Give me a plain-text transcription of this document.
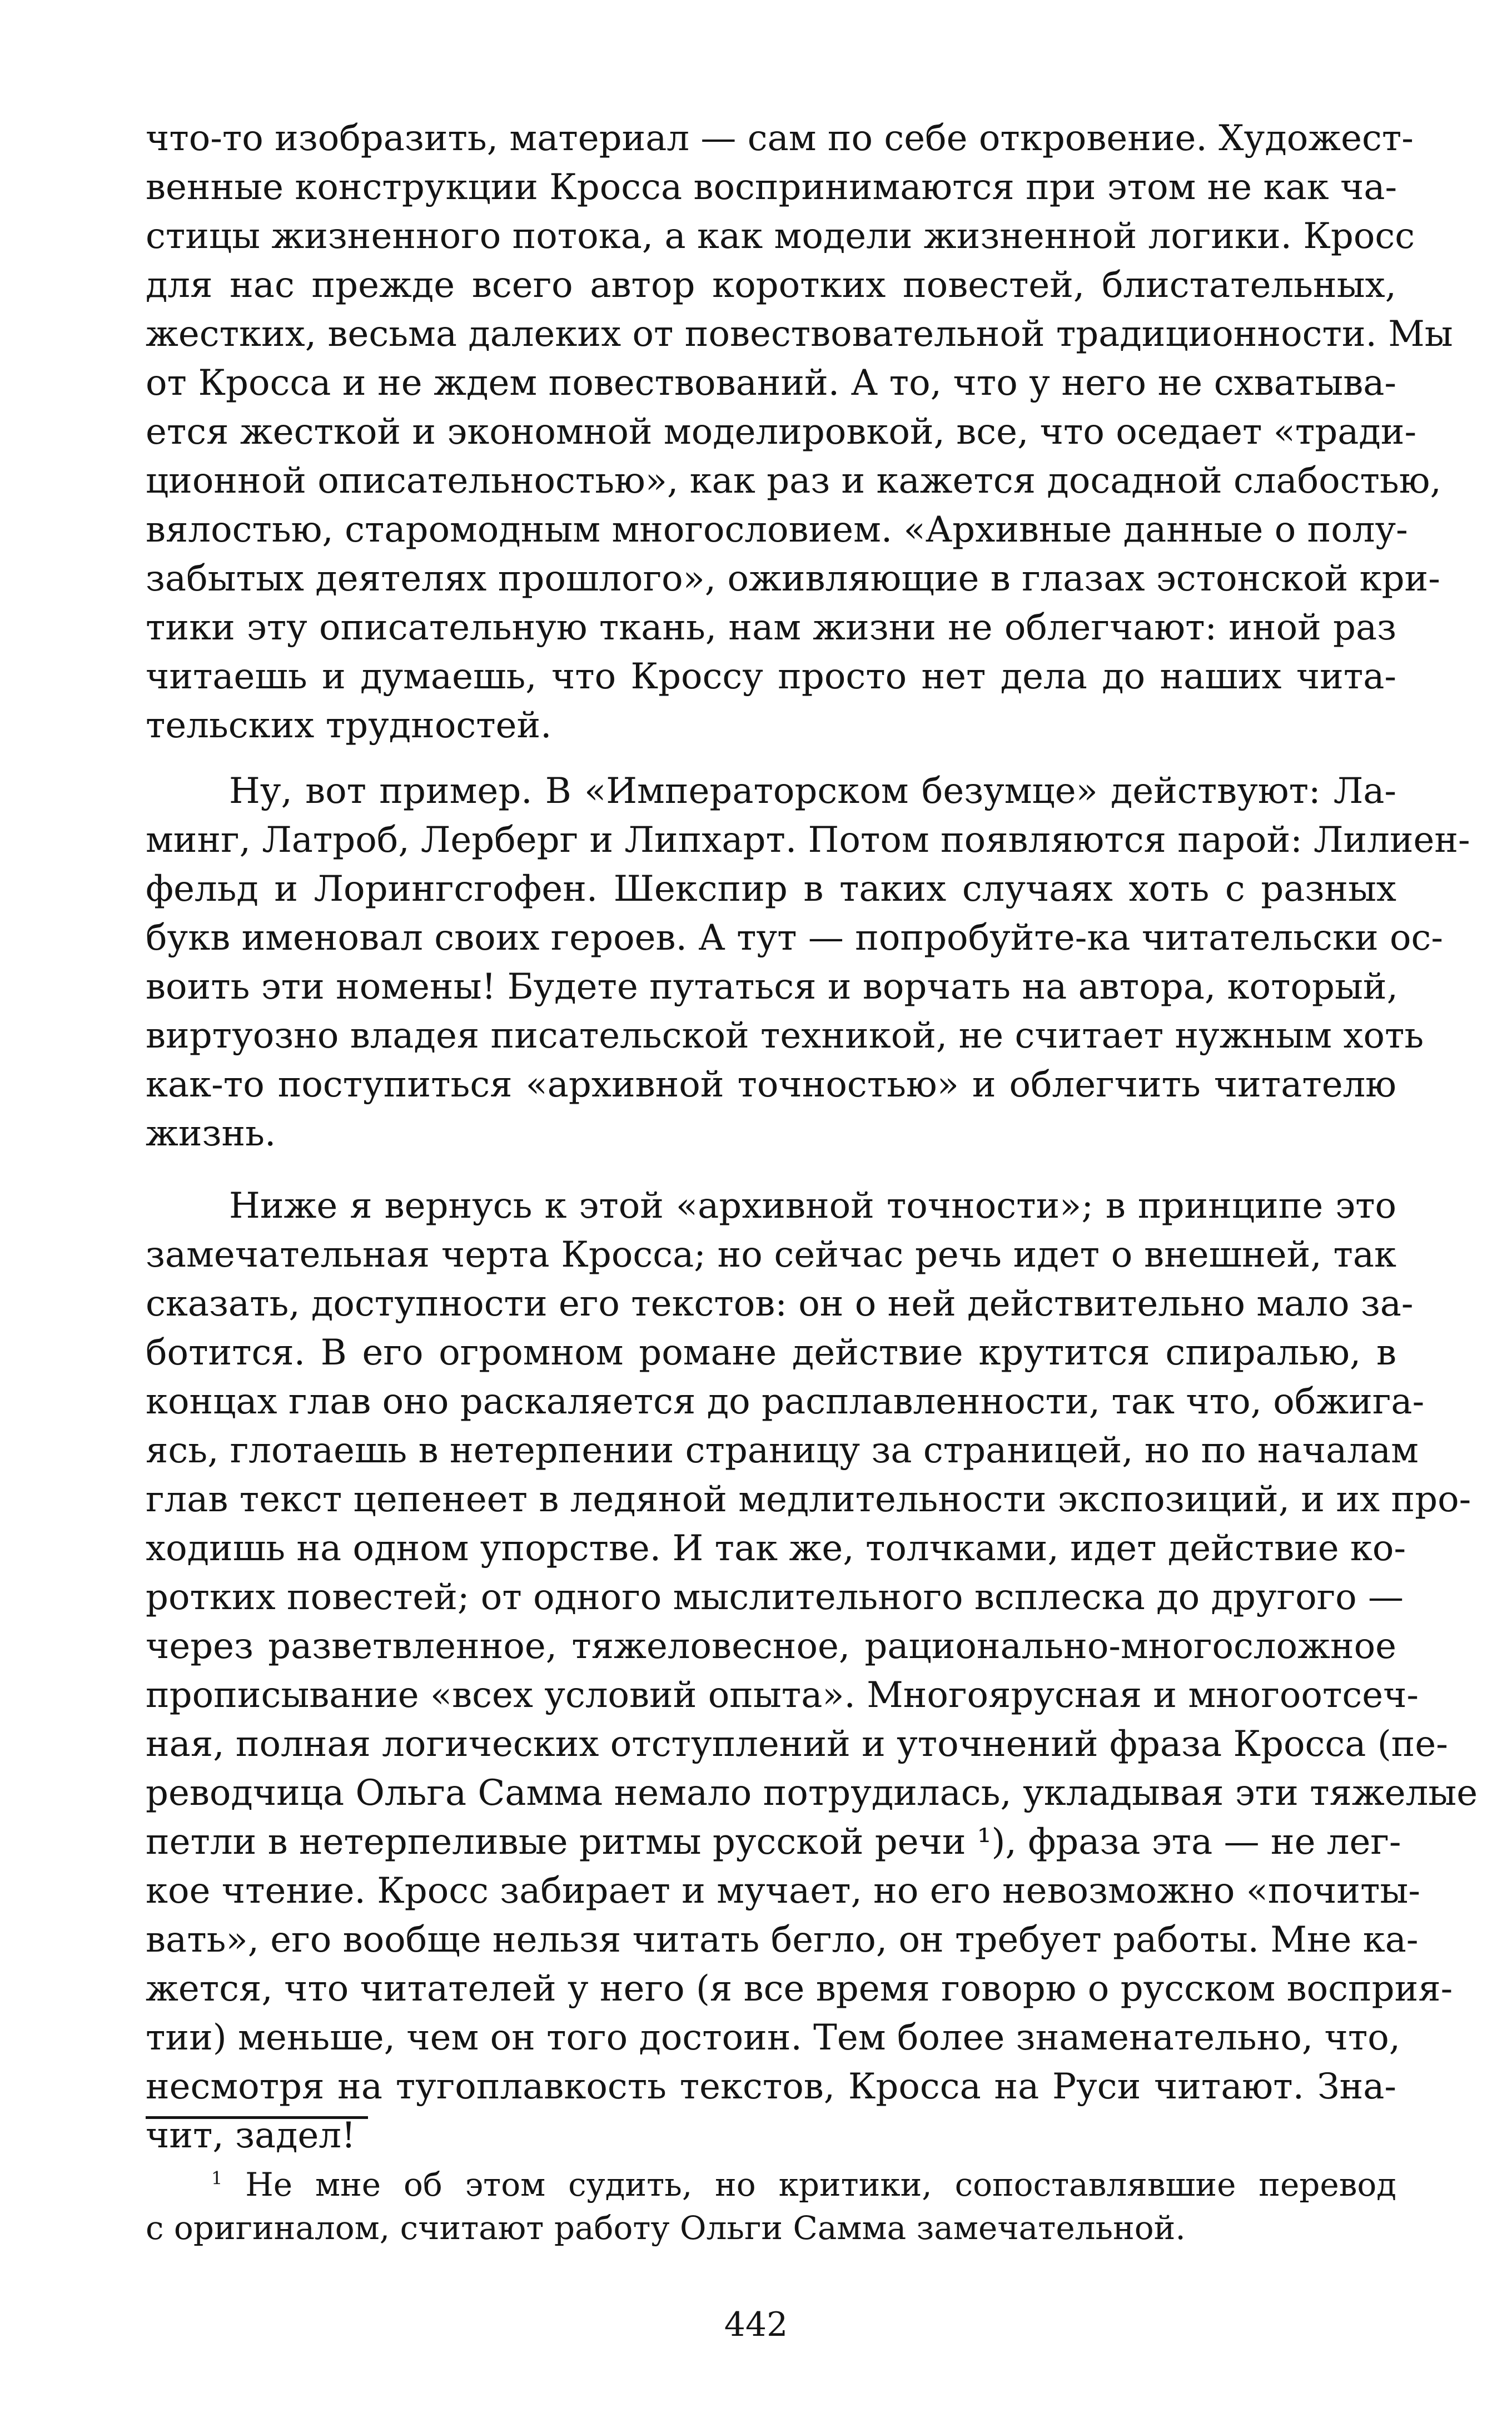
что-то изобразить, материал — сам по себе откровение. Художест-
венные конструкции Кросса воспринимаются при этом не как ча-
стицы жизненного потока, а как модели жизненной логики. Кросс
для нас прежде всего автор коротких повестей, блистательных,
жестких, весьма далеких от повествовательной традиционности. Мы
от Кросса и не ждем повествований. А то, что у него не схватыва-
ется жесткой и экономной моделировкой, все, что оседает «тради-
ционной описательностью», как раз и кажется досадной слабостью,
вялостью, старомодным многословием. «Архивные данные о полу-
забытых деятелях прошлого», оживляющие в глазах эстонской кри-
тики эту описательную ткань, нам жизни не облегчают: иной раз
читаешь и думаешь, что Кроссу просто нет дела до наших чита-
тельских трудностей.
Ну, вот пример. В «Императорском безумце» действуют: Ла-
минг, Латроб, Лерберг и Липхарт. Потом появляются парой: Лилиен-
фельд и Лорингсгофен. Шекспир в таких случаях хоть с разных
букв именовал своих героев. А тут — попробуйте-ка читательски ос-
воить эти номены! Будете путаться и ворчать на автора, который,
виртуозно владея писательской техникой, не считает нужным хоть
как-то поступиться «архивной точностью» и облегчить читателю
жизнь.
Ниже я вернусь к этой «архивной точности»; в принципе это
замечательная черта Кросса; но сейчас речь идет о внешней, так
сказать, доступности его текстов: он о ней действительно мало за-
ботится. В его огромном романе действие крутится спиралью, в
концах глав оно раскаляется до расплавленности, так что, обжига-
ясь, глотаешь в нетерпении страницу за страницей, но по началам
глав текст цепенеет в ледяной медлительности экспозиций, и их про-
ходишь на одном упорстве. И так же, толчками, идет действие ко-
ротких повестей; от одного мыслительного всплеска до другого —
через разветвленное, тяжеловесное, рационально-многосложное
прописывание «всех условий опыта». Многоярусная и многоотсеч-
ная, полная логических отступлений и уточнений фраза Кросса (пе-
реводчица Ольга Самма немало потрудилась, укладывая эти тяжелые
петли в нетерпеливые ритмы русской речи ¹), фраза эта — не лег-
кое чтение. Кросс забирает и мучает, но его невозможно «почиты-
вать», его вообще нельзя читать бегло, он требует работы. Мне ка-
жется, что читателей у него (я все время говорю о русском восприя-
тии) меньше, чем он того достоин. Тем более знаменательно, что,
несмотря на тугоплавкость текстов, Кросса на Руси читают. Зна-
чит, задел!
$^1$ Не мне об этом судить, но критики, сопоставлявшие перевод
с оригиналом, считают работу Ольги Самма замечательной.
442
